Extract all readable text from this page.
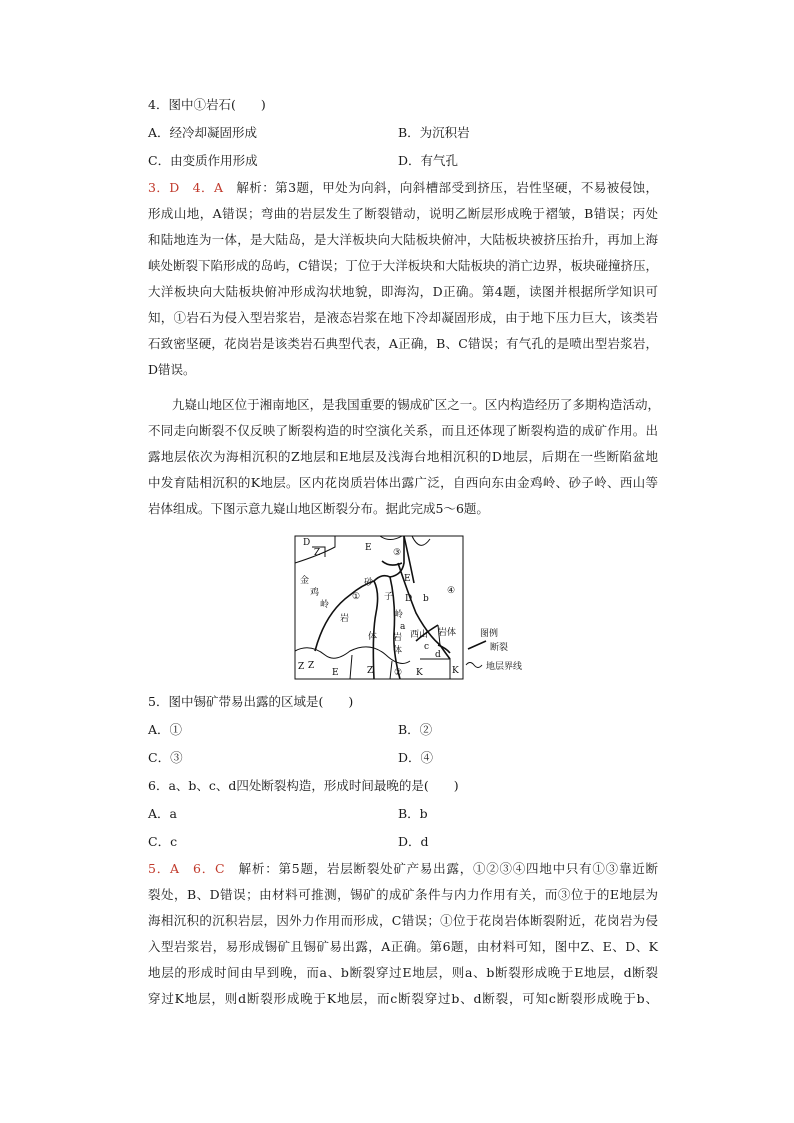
4．图中①岩石(　　)
A．经冷却凝固形成	B．为沉积岩
C．由变质作用形成	D．有气孔
3．D　4．A　 解析：第3题，甲处为向斜，向斜槽部受到挤压，岩性坚硬，不易被侵蚀，
形成山地，A错误；弯曲的岩层发生了断裂错动，说明乙断层形成晚于褶皱，B错误；丙处
和陆地连为一体，是大陆岛，是大洋板块向大陆板块俯冲，大陆板块被挤压抬升，再加上海
峡处断裂下陷形成的岛屿，C错误；丁位于大洋板块和大陆板块的消亡边界，板块碰撞挤压，
大洋板块向大陆板块俯冲形成沟状地貌，即海沟，D正确。第4题，读图并根据所学知识可
知，①岩石为侵入型岩浆岩，是液态岩浆在地下冷却凝固形成，由于地下压力巨大，该类岩
石致密坚硬，花岗岩是该类岩石典型代表，A正确，B、C错误；有气孔的是喷出型岩浆岩，
D错误。
九嶷山地区位于湘南地区，是我国重要的锡成矿区之一。区内构造经历了多期构造活动，
不同走向断裂不仅反映了断裂构造的时空演化关系，而且还体现了断裂构造的成矿作用。出
露地层依次为海相沉积的Z地层和E地层及浅海台地相沉积的D地层，后期在一些断陷盆地
中发育陆相沉积的K地层。区内花岗质岩体出露广泛，自西向东由金鸡岭、砂子岭、西山等
岩体组成。下图示意九嶷山地区断裂分布。据此完成5～6题。
D
Z	E ③
金
鸡
岭
①
岩
体
砂
子
岭
a
岩
体
E
b
④
D
西山 岩体
c
d
Z
E	Z ② K	K
Z
图例
断裂
地层界线
5．图中锡矿带易出露的区域是(　　)
A．①	B．②
C．③	D．④
6．a、b、c、d四处断裂构造，形成时间最晚的是(　　)
A．a	B．b
C．c	D．d
5．A　6．C　 解析：第5题，岩层断裂处矿产易出露，①②③④四地中只有①③靠近断
裂处，B、D错误；由材料可推测，锡矿的成矿条件与内力作用有关，而③位于的E地层为
海相沉积的沉积岩层，因外力作用而形成，C错误；①位于花岗岩体断裂附近，花岗岩为侵
入型岩浆岩，易形成锡矿且锡矿易出露，A正确。第6题，由材料可知，图中Z、E、D、K
地层的形成时间由早到晚，而a、b断裂穿过E地层，则a、b断裂形成晚于E地层，d断裂
穿过K地层，则d断裂形成晚于K地层，而c断裂穿过b、d断裂，可知c断裂形成晚于b、
